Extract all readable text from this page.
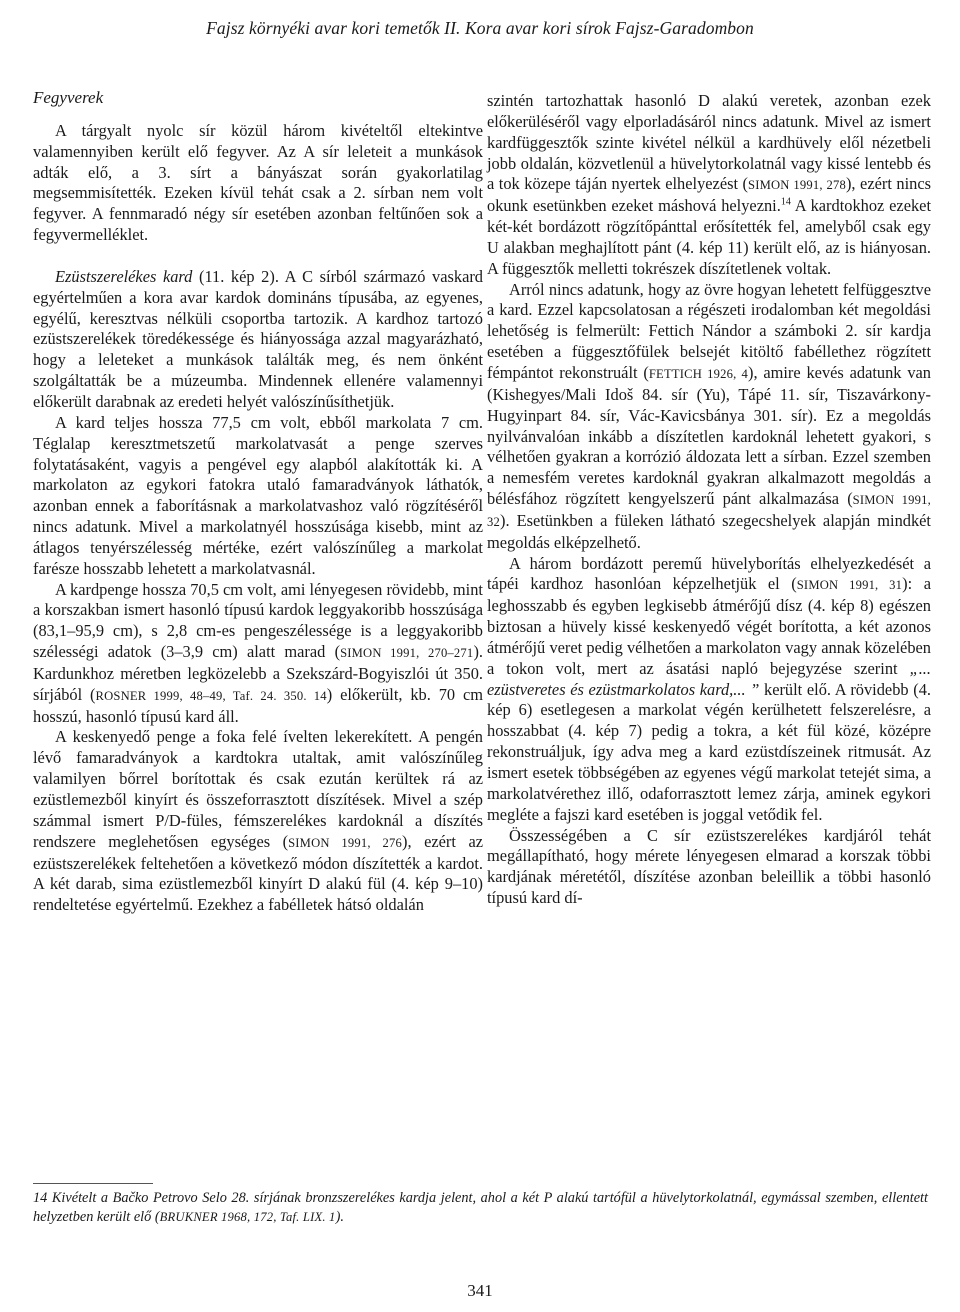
Fajsz környéki avar kori temetők II. Kora avar kori sírok Fajsz-Garadombon

Fegyverek

A tárgyalt nyolc sír közül három kivételtől eltekintve valamennyiben került elő fegyver. Az A sír leleteit a munkások adták elő, a 3. sírt a bányászat során gyakorlatilag megsemmisítették. Ezeken kívül tehát csak a 2. sírban nem volt fegyver. A fennmaradó négy sír esetében azonban feltűnően sok a fegyvermelléklet.

Ezüstszerelékes kard (11. kép 2). A C sírból származó vaskard egyértelműen a kora avar kardok domináns típusába, az egyenes, egyélű, keresztvas nélküli csoportba tartozik. A kardhoz tartozó ezüstszerelékek töredékessége és hiányossága azzal magyarázható, hogy a leleteket a munkások találták meg, és nem önként szolgáltatták be a múzeumba. Mindennek ellenére valamennyi előkerült darabnak az eredeti helyét valószínűsíthetjük.

A kard teljes hossza 77,5 cm volt, ebből markolata 7 cm. Téglalap keresztmetszetű markolatvasát a penge szerves folytatásaként, vagyis a pengével egy alapból alakították ki. A markolaton az egykori fatokra utaló famaradványok láthatók, azonban ennek a faborításnak a markolatvashoz való rögzítéséről nincs adatunk. Mivel a markolatnyél hosszúsága kisebb, mint az átlagos tenyérszélesség mértéke, ezért valószínűleg a markolat farésze hosszabb lehetett a markolatvasnál.

A kardpenge hossza 70,5 cm volt, ami lényegesen rövidebb, mint a korszakban ismert hasonló típusú kardok leggyakoribb hosszúsága (83,1–95,9 cm), s 2,8 cm-es pengeszélessége is a leggyakoribb szélességi adatok (3–3,9 cm) alatt marad (SIMON 1991, 270–271). Kardunkhoz méretben legközelebb a Szekszárd-Bogyiszlói út 350. sírjából (ROSNER 1999, 48–49, Taf. 24. 350. 14) előkerült, kb. 70 cm hosszú, hasonló típusú kard áll.

A keskenyedő penge a foka felé ívelten lekerekített. A pengén lévő famaradványok a kardtokra utaltak, amit valószínűleg valamilyen bőrrel borítottak és csak ezután kerültek rá az ezüstlemezből kinyírt és összeforrasztott díszítések. Mivel a szép számmal ismert P/D-füles, fémszerelékes kardoknál a díszítés rendszere meglehetősen egységes (SIMON 1991, 276), ezért az ezüstszerelékek feltehetően a következő módon díszítették a kardot. A két darab, sima ezüstlemezből kinyírt D alakú fül (4. kép 9–10) rendeltetése egyértelmű. Ezekhez a fabélletek hátsó oldalán

szintén tartozhattak hasonló D alakú veretek, azonban ezek előkerüléséről vagy elporladásáról nincs adatunk. Mivel az ismert kardfüggesztők szinte kivétel nélkül a kardhüvely elől nézetbeli jobb oldalán, közvetlenül a hüvelytorkolatnál vagy kissé lentebb és a tok közepe táján nyertek elhelyezést (SIMON 1991, 278), ezért nincs okunk esetünkben ezeket máshová helyezni.$^{14}$ A kardtokhoz ezeket két-két bordázott rögzítőpánttal erősítették fel, amelyből csak egy U alakban meghajlított pánt (4. kép 11) került elő, az is hiányosan. A függesztők melletti tokrészek díszítetlenek voltak.

Arról nincs adatunk, hogy az övre hogyan lehetett felfüggesztve a kard. Ezzel kapcsolatosan a régészeti irodalomban két megoldási lehetőség is felmerült: Fettich Nándor a számboki 2. sír kardja esetében a függesztőfülek belsejét kitöltő fabéllethez rögzített fémpántot rekonstruált (FETTICH 1926, 4), amire kevés adatunk van (Kishegyes/Mali Idoš 84. sír (Yu), Tápé 11. sír, Tiszavárkony-Hugyinpart 84. sír, Vác-Kavicsbánya 301. sír). Ez a megoldás nyilvánvalóan inkább a díszítetlen kardoknál lehetett gyakori, s vélhetően gyakran a korrózió áldozata lett a sírban. Ezzel szemben a nemesfém veretes kardoknál gyakran alkalmazott megoldás a bélésfához rögzített kengyelszerű pánt alkalmazása (SIMON 1991, 32). Esetünkben a füleken látható szegecshelyek alapján mindkét megoldás elképzelhető.

A három bordázott peremű hüvelyborítás elhelyezkedését a tápéi kardhoz hasonlóan képzelhetjük el (SIMON 1991, 31): a leghosszabb és egyben legkisebb átmérőjű dísz (4. kép 8) egészen biztosan a hüvely kissé keskenyedő végét borította, a két azonos átmérőjű veret pedig vélhetően a markolaton vagy annak közelében a tokon volt, mert az ásatási napló bejegyzése szerint „... ezüstveretes és ezüstmarkolatos kard,... ” került elő. A rövidebb (4. kép 6) esetlegesen a markolat végén kerülhetett felszerelésre, a hosszabbat (4. kép 7) pedig a tokra, a két fül közé, középre rekonstruáljuk, így adva meg a kard ezüstdíszeinek ritmusát. Az ismert esetek többségében az egyenes végű markolat tetejét sima, a markolatvérethez illő, odaforrasztott lemez zárja, aminek egykori megléte a fajszi kard esetében is joggal vetődik fel.

Összességében a C sír ezüstszerelékes kardjáról tehát megállapítható, hogy mérete lényegesen elmarad a korszak többi kardjának méretétől, díszítése azonban beleillik a többi hasonló típusú kard dí-

14 Kivételt a Bačko Petrovo Selo 28. sírjának bronzszerelékes kardja jelent, ahol a két P alakú tartófül a hüvelytorkolatnál, egymással szemben, ellentett helyzetben került elő (BRUKNER 1968, 172, Taf. LIX. 1).
341
